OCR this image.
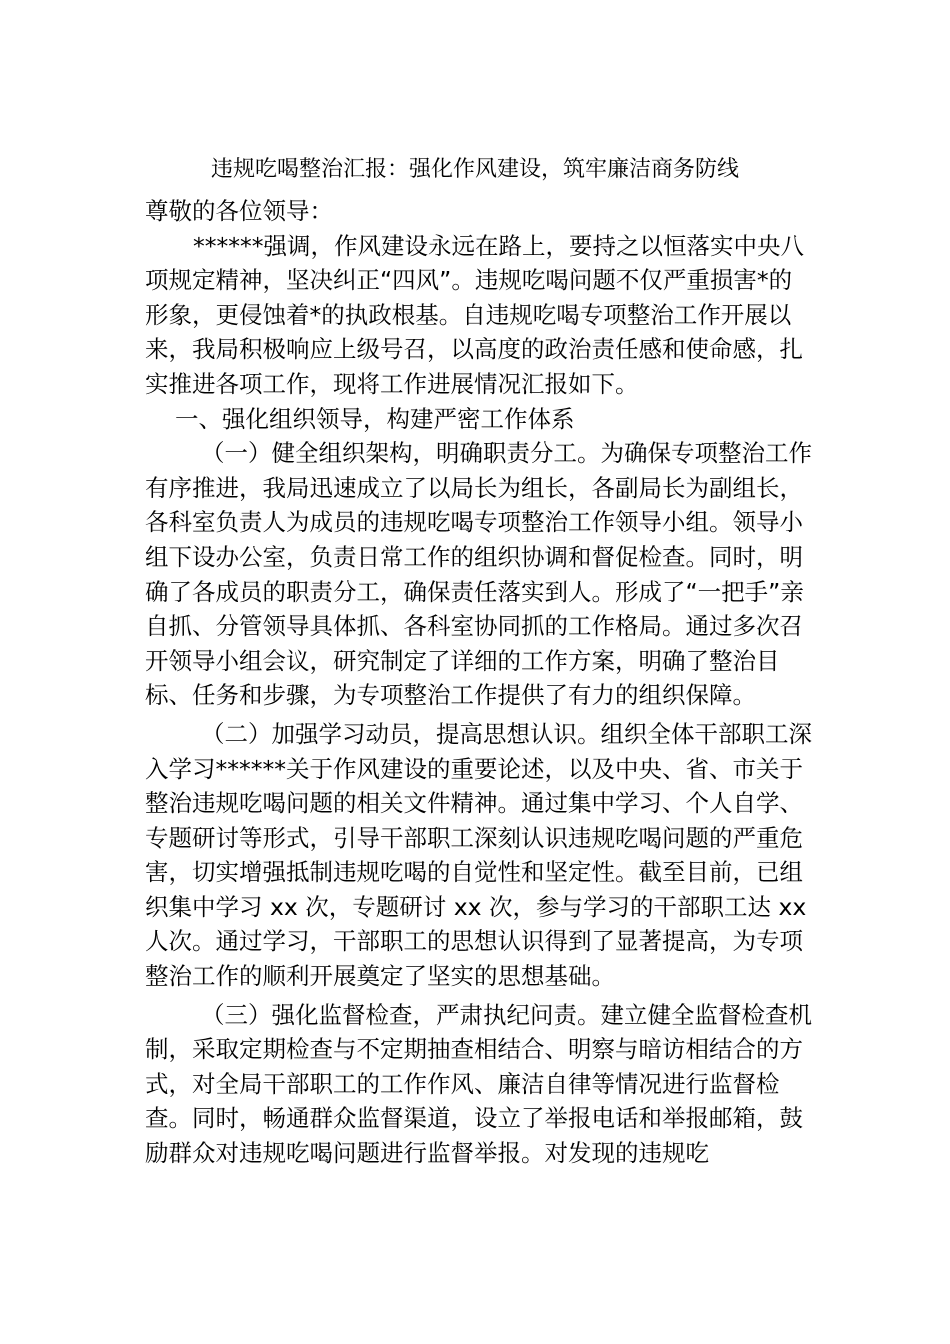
违规吃喝整治汇报：强化作风建设，筑牢廉洁商务防线

尊敬的各位领导：

******强调，作风建设永远在路上，要持之以恒落实中央八项规定精神，坚决纠正“四风”。违规吃喝问题不仅严重损害*的形象，更侵蚀着*的执政根基。自违规吃喝专项整治工作开展以来，我局积极响应上级号召，以高度的政治责任感和使命感，扎实推进各项工作，现将工作进展情况汇报如下。

一、强化组织领导，构建严密工作体系

（一）健全组织架构，明确职责分工。为确保专项整治工作有序推进，我局迅速成立了以局长为组长，各副局长为副组长，各科室负责人为成员的违规吃喝专项整治工作领导小组。领导小组下设办公室，负责日常工作的组织协调和督促检查。同时，明确了各成员的职责分工，确保责任落实到人。形成了“一把手”亲自抓、分管领导具体抓、各科室协同抓的工作格局。通过多次召开领导小组会议，研究制定了详细的工作方案，明确了整治目标、任务和步骤，为专项整治工作提供了有力的组织保障。

（二）加强学习动员，提高思想认识。组织全体干部职工深入学习******关于作风建设的重要论述，以及中央、省、市关于整治违规吃喝问题的相关文件精神。通过集中学习、个人自学、专题研讨等形式，引导干部职工深刻认识违规吃喝问题的严重危害，切实增强抵制违规吃喝的自觉性和坚定性。截至目前，已组织集中学习 xx 次，专题研讨 xx 次，参与学习的干部职工达 xx 人次。通过学习，干部职工的思想认识得到了显著提高，为专项整治工作的顺利开展奠定了坚实的思想基础。

（三）强化监督检查，严肃执纪问责。建立健全监督检查机制，采取定期检查与不定期抽查相结合、明察与暗访相结合的方式，对全局干部职工的工作作风、廉洁自律等情况进行监督检查。同时，畅通群众监督渠道，设立了举报电话和举报邮箱，鼓励群众对违规吃喝问题进行监督举报。对发现的违规吃
